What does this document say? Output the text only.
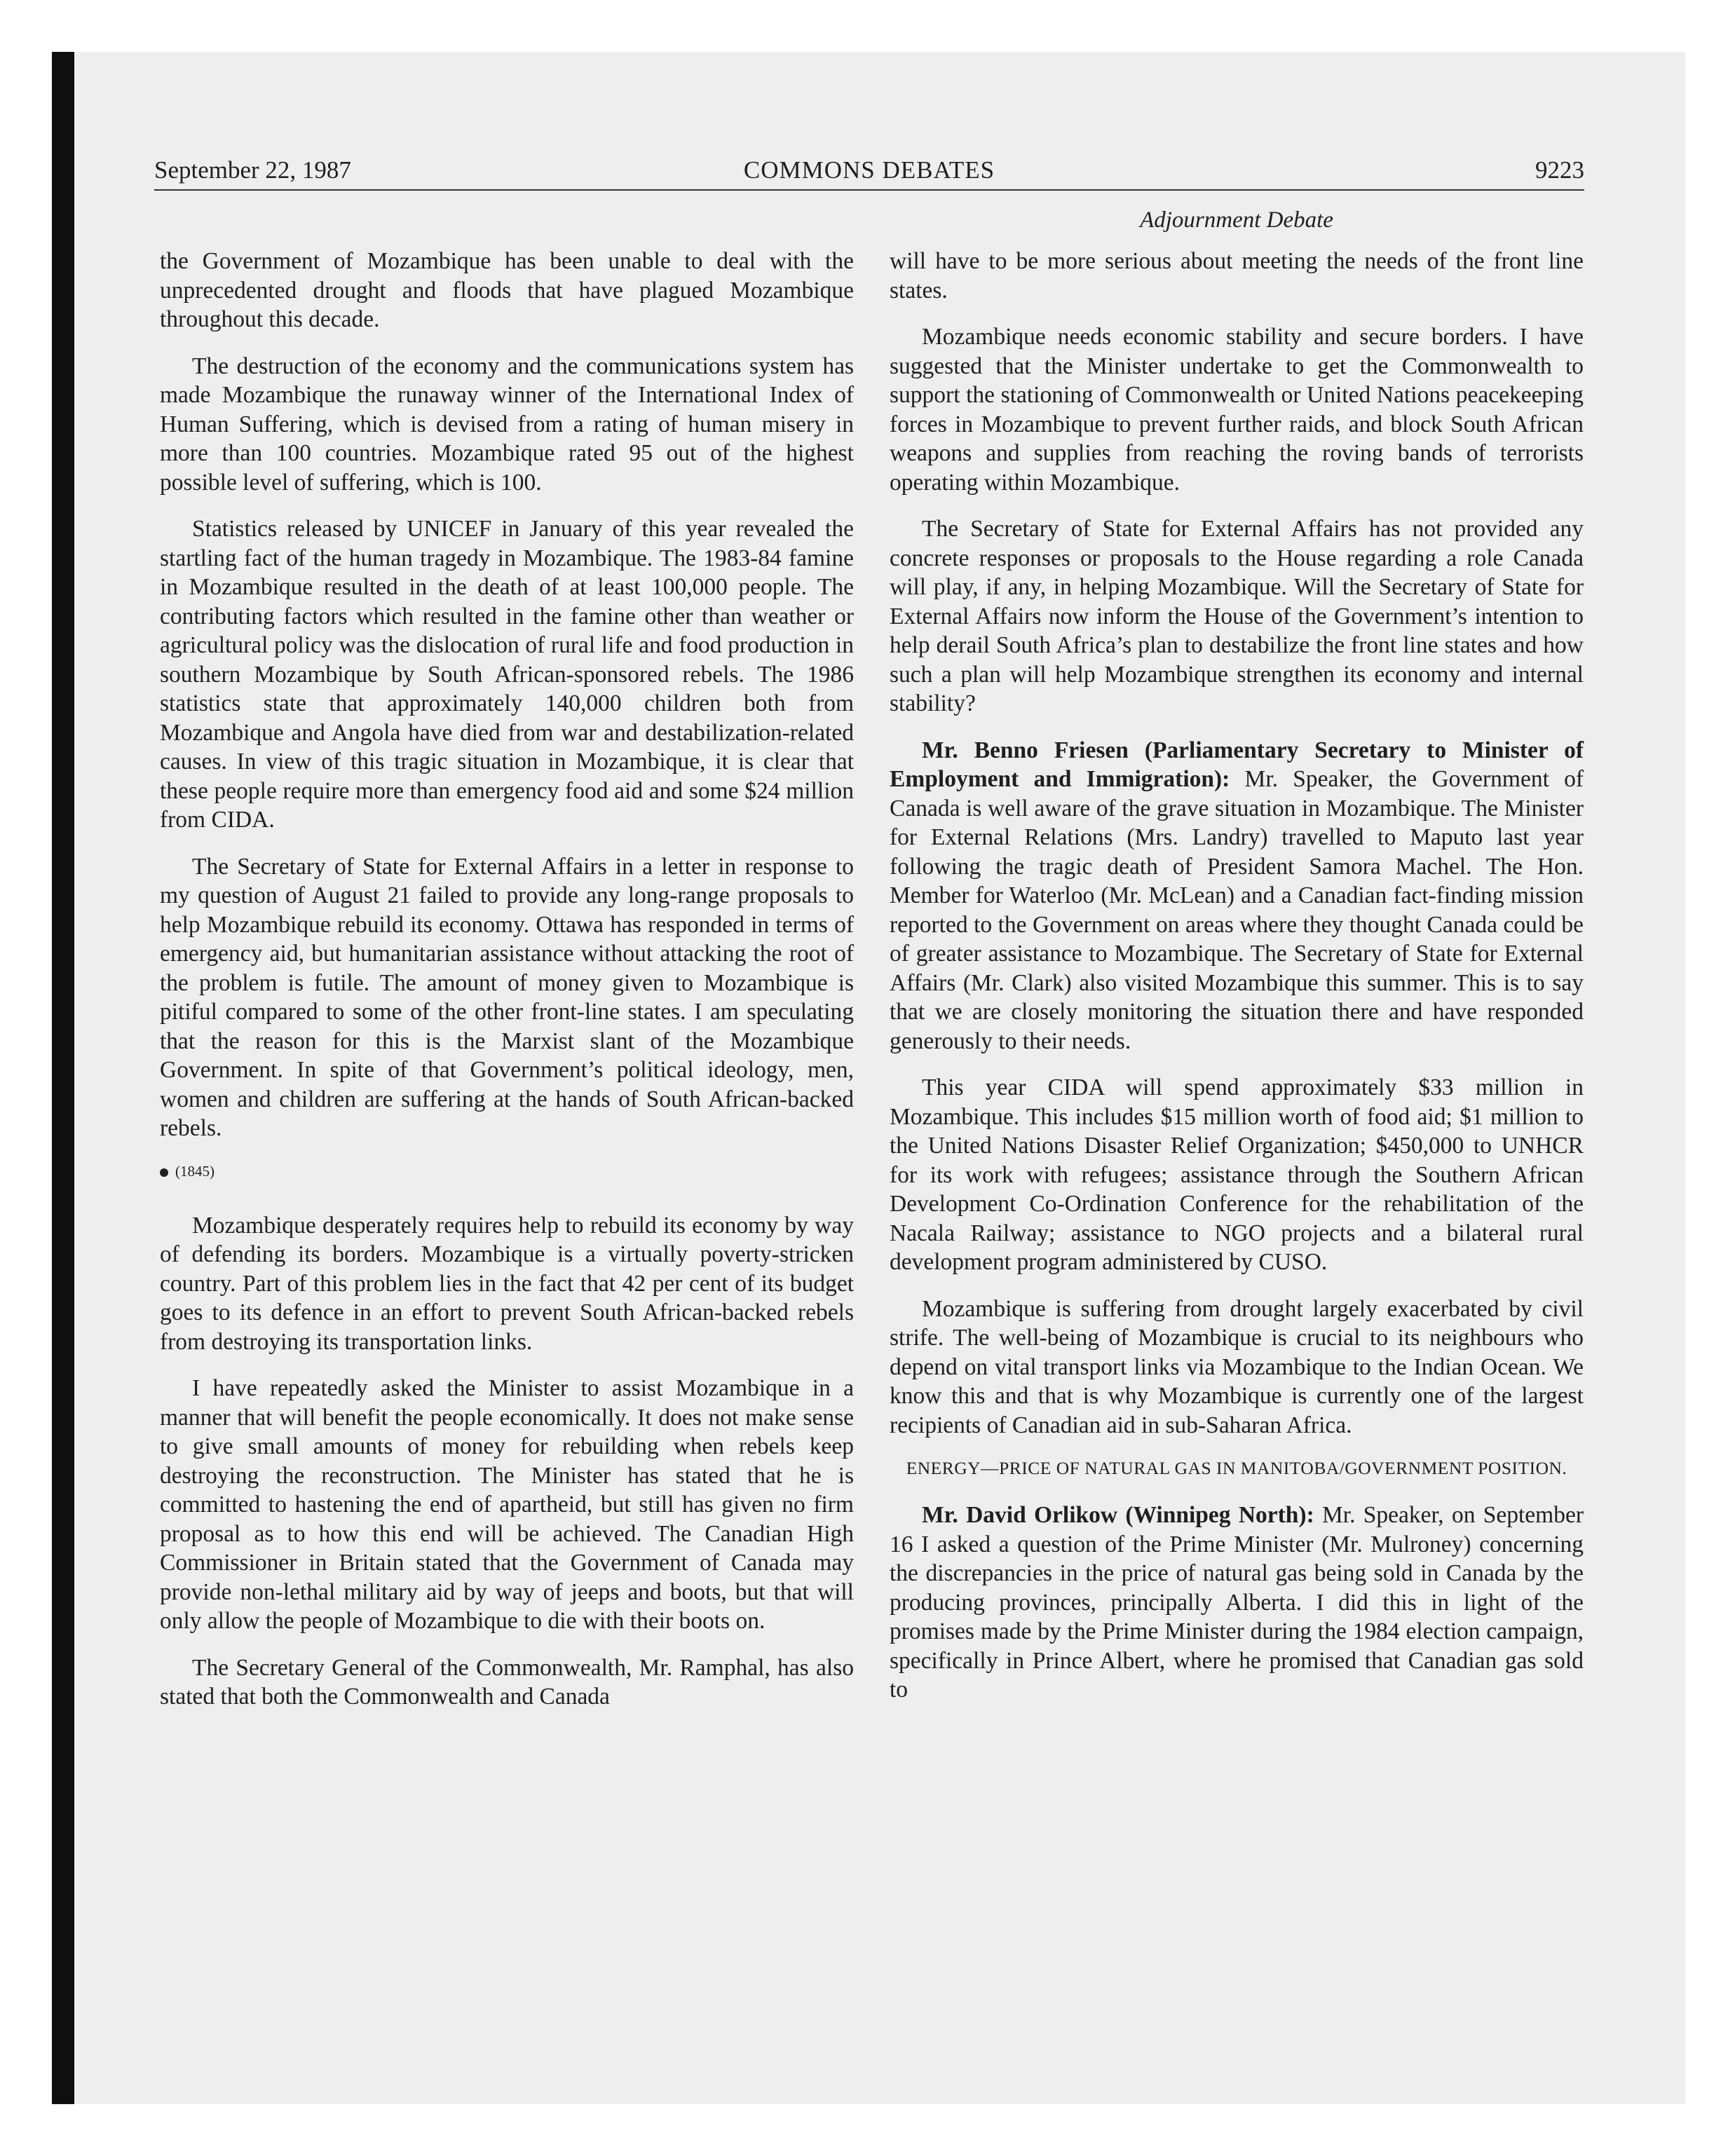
September 22, 1987	COMMONS DEBATES	9223
Adjournment Debate

the Government of Mozambique has been unable to deal with the unprecedented drought and floods that have plagued Mozambique throughout this decade.

The destruction of the economy and the communications system has made Mozambique the runaway winner of the International Index of Human Suffering, which is devised from a rating of human misery in more than 100 countries. Mozambique rated 95 out of the highest possible level of suffering, which is 100.

Statistics released by UNICEF in January of this year revealed the startling fact of the human tragedy in Mozambique. The 1983-84 famine in Mozambique resulted in the death of at least 100,000 people. The contributing factors which resulted in the famine other than weather or agricultural policy was the dislocation of rural life and food production in southern Mozambique by South African-sponsored rebels. The 1986 statistics state that approximately 140,000 children both from Mozambique and Angola have died from war and destabilization-related causes. In view of this tragic situation in Mozambique, it is clear that these people require more than emergency food aid and some $24 million from CIDA.

The Secretary of State for External Affairs in a letter in response to my question of August 21 failed to provide any long-range proposals to help Mozambique rebuild its economy. Ottawa has responded in terms of emergency aid, but humanitarian assistance without attacking the root of the problem is futile. The amount of money given to Mozambique is pitiful compared to some of the other front-line states. I am speculating that the reason for this is the Marxist slant of the Mozambique Government. In spite of that Government’s political ideology, men, women and children are suffering at the hands of South African-backed rebels.

(1845)

Mozambique desperately requires help to rebuild its economy by way of defending its borders. Mozambique is a virtually poverty-stricken country. Part of this problem lies in the fact that 42 per cent of its budget goes to its defence in an effort to prevent South African-backed rebels from destroying its transportation links.

I have repeatedly asked the Minister to assist Mozambique in a manner that will benefit the people economically. It does not make sense to give small amounts of money for rebuilding when rebels keep destroying the reconstruction. The Minister has stated that he is committed to hastening the end of apartheid, but still has given no firm proposal as to how this end will be achieved. The Canadian High Commissioner in Britain stated that the Government of Canada may provide non-lethal military aid by way of jeeps and boots, but that will only allow the people of Mozambique to die with their boots on.

The Secretary General of the Commonwealth, Mr. Ramphal, has also stated that both the Commonwealth and Canada

will have to be more serious about meeting the needs of the front line states.

Mozambique needs economic stability and secure borders. I have suggested that the Minister undertake to get the Commonwealth to support the stationing of Commonwealth or United Nations peacekeeping forces in Mozambique to prevent further raids, and block South African weapons and supplies from reaching the roving bands of terrorists operating within Mozambique.

The Secretary of State for External Affairs has not provided any concrete responses or proposals to the House regarding a role Canada will play, if any, in helping Mozambique. Will the Secretary of State for External Affairs now inform the House of the Government’s intention to help derail South Africa’s plan to destabilize the front line states and how such a plan will help Mozambique strengthen its economy and internal stability?

Mr. Benno Friesen (Parliamentary Secretary to Minister of Employment and Immigration): Mr. Speaker, the Government of Canada is well aware of the grave situation in Mozambique. The Minister for External Relations (Mrs. Landry) travelled to Maputo last year following the tragic death of President Samora Machel. The Hon. Member for Waterloo (Mr. McLean) and a Canadian fact-finding mission reported to the Government on areas where they thought Canada could be of greater assistance to Mozambique. The Secretary of State for External Affairs (Mr. Clark) also visited Mozambique this summer. This is to say that we are closely monitoring the situation there and have responded generously to their needs.

This year CIDA will spend approximately $33 million in Mozambique. This includes $15 million worth of food aid; $1 million to the United Nations Disaster Relief Organization; $450,000 to UNHCR for its work with refugees; assistance through the Southern African Development Co-Ordination Conference for the rehabilitation of the Nacala Railway; assistance to NGO projects and a bilateral rural development program administered by CUSO.

Mozambique is suffering from drought largely exacerbated by civil strife. The well-being of Mozambique is crucial to its neighbours who depend on vital transport links via Mozambique to the Indian Ocean. We know this and that is why Mozambique is currently one of the largest recipients of Canadian aid in sub-Saharan Africa.

ENERGY—PRICE OF NATURAL GAS IN MANITOBA/GOVERNMENT POSITION.

Mr. David Orlikow (Winnipeg North): Mr. Speaker, on September 16 I asked a question of the Prime Minister (Mr. Mulroney) concerning the discrepancies in the price of natural gas being sold in Canada by the producing provinces, principally Alberta. I did this in light of the promises made by the Prime Minister during the 1984 election campaign, specifically in Prince Albert, where he promised that Canadian gas sold to
